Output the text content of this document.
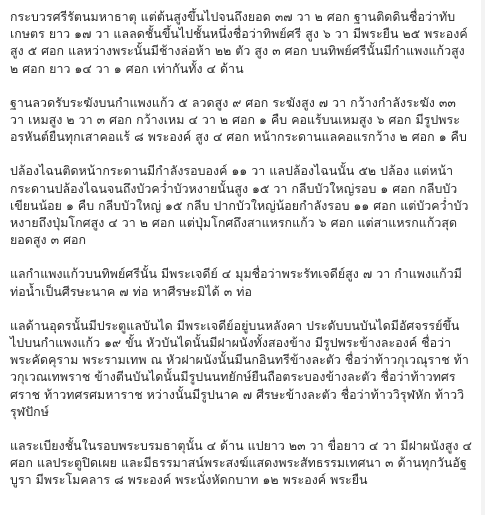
กระบวรศรีรัตนมหาธาตุ แต่ต้นสูงขึ้นไปจนถึงยอด ๓๗ วา ๒ ศอก ฐานติดดินชื่อว่าทับเกษตร ยาว ๑๗ วา แลลดชั้นขึ้นไปชั้นหนึ่งชื่อว่าทิพย์ศรี สูง ๖ วา มีพระยืน ๒๕ พระองค์ สูง ๕ ศอก แลหว่างพระนั้นมีช้างล่อห้า ๒๒ ตัว สูง ๓ ศอก บนทิพย์ศรีนั้นมีกำแพงแก้วสูง ๒ ศอก ยาว ๑๔ วา ๑ ศอก เท่ากันทั้ง ๔ ด้าน

ฐานลวดรับระฆังบนกำแพงแก้ว ๕ ลวดสูง ๙ ศอก ระฆังสูง ๗ วา กว้างกำลังระฆัง ๓๓ วา เหมสูง ๒ วา ๓ ศอก กว้างเหม ๔ วา ๒ ศอก ๑ คืบ คอแร้บนเหมสูง ๖ ศอก มีรูปพระอรหันต์ยืนทุกเสาคอแร้ ๘ พระองค์ สูง ๔ ศอก หน้ากระดานแลคอแรกว้าง ๒ ศอก ๑ คืบ

ปล้องไฉนติดหน้ากระดานมีกำลังรอบองค์ ๑๑ วา แลปล้องไฉนนั้น ๕๒ ปล้อง แต่หน้ากระดานปล้องไฉนจนถึงบัวคว่ำบัวหงายนั้นสูง ๑๕ วา กลีบบัวใหญ่รอบ ๑ ศอก กลีบบัวเขียนน้อย ๑ คืบ กลีบบัวใหญ่ ๑๕ กลีบ ปากบัวใหญ่น้อยกำลังรอบ ๑๑ ศอก แต่บัวคว่ำบัวหงายถึงปุ่มโกศสูง ๔ วา ๒ ศอก แต่ปุ่มโกศถึงสาแหรกแก้ว ๖ ศอก แต่สาแหรกแก้วสุดยอดสูง ๓ ศอก

แลกำแพงแก้วบนทิพย์ศรีนั้น มีพระเจดีย์ ๔ มุมชื่อว่าพระรัทเจดีย์สูง ๗ วา กำแพงแก้วมีท่อน้ำเป็นศีรษะนาค ๗ ท่อ หาศีรษะมิได้ ๓ ท่อ

แลด้านอุดรนั้นมีประตูแลบันได มีพระเจดีย์อยู่บนหลังคา ประดับบนบันไดมีอัศจรรย์ขึ้นไปบนกำแพงแก้ว ๑๙ ขั้น หัวบันไดนั้นมีฝาผนังทั้งสองข้าง มีรูปพระข้างละองค์ ชื่อว่าพระคัดคุราม พระรามเทพ ณ หัวฝาผนังนั้นมีนกอินทรีข้างละตัว ชื่อว่าท้าวกุเวณุราช ท้าวกุเวณเทพราช ข้างตีนบันไดนั้นมีรูปนนทยักษ์ยืนถือตระบองข้างละตัว ชื่อว่าท้าวทศรศราช ท้าวทศรศมหาราช หว่างนั้นมีรูปนาค ๗ ศีรษะข้างละตัว ชื่อว่าท้าววิรุฬหัก ท้าววิรุฬปักษ์

แลระเบียงชั้นในรอบพระบรมธาตุนั้น ๔ ด้าน แปยาว ๒๓ วา ขื่อยาว ๔ วา มีฝาผนังสูง ๔ ศอก แลประตูปิดเผย และมีธรรมาสน์พระสงฆ์แสดงพระสัทธรรมเทศนา ๓ ด้านทุกวันอัฐบูรา มีพระโมคลาร ๘ พระองค์ พระนั่งหัดกบาท ๑๒ พระองค์ พระยืน
